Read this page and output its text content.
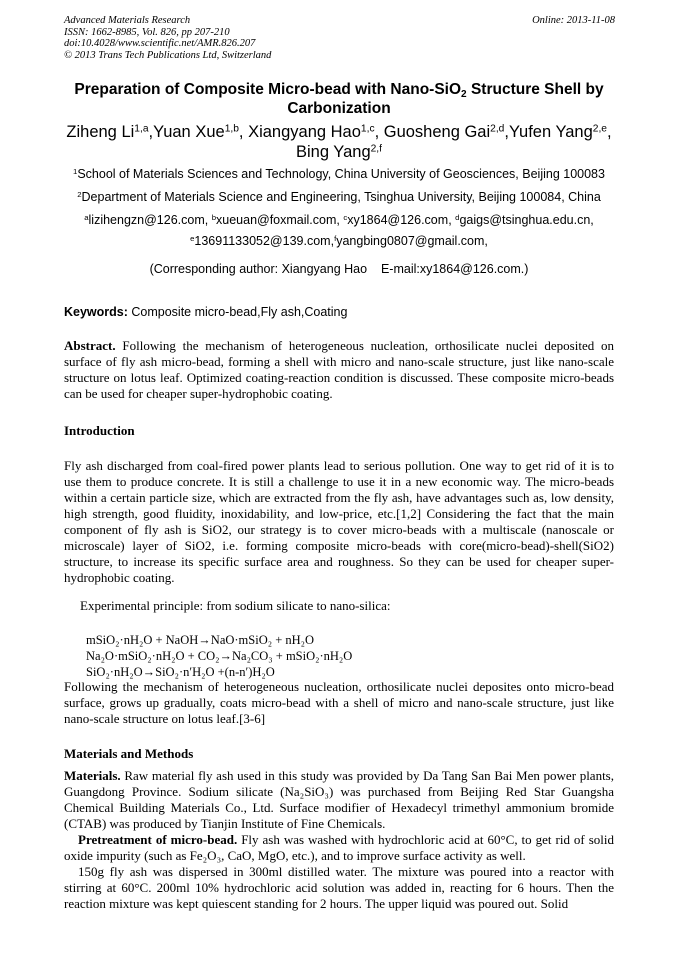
Advanced Materials Research
ISSN: 1662-8985, Vol. 826, pp 207-210
doi:10.4028/www.scientific.net/AMR.826.207
© 2013 Trans Tech Publications Ltd, Switzerland
Online: 2013-11-08
Preparation of Composite Micro-bead with Nano-SiO$_2$ Structure Shell by Carbonization
Ziheng Li$^{1,a}$,Yuan Xue$^{1,b}$, Xiangyang Hao$^{1,c}$, Guosheng Gai$^{2,d}$,Yufen Yang$^{2,e}$,
Bing Yang$^{2,f}$
$^1$School of Materials Sciences and Technology, China University of Geosciences, Beijing 100083
$^2$Department of Materials Science and Engineering, Tsinghua University, Beijing 100084, China
$^a$lizihengzn@126.com, $^b$xueuan@foxmail.com, $^c$xy1864@126.com, $^d$gaigs@tsinghua.edu.cn,
$^e$13691133052@139.com,$^f$yangbing0807@gmail.com,
(Corresponding author: Xiangyang Hao    E-mail:xy1864@126.com.)
Keywords: Composite micro-bead,Fly ash,Coating
Abstract. Following the mechanism of heterogeneous nucleation, orthosilicate nuclei deposited on surface of fly ash micro-bead, forming a shell with micro and nano-scale structure, just like nano-scale structure on lotus leaf. Optimized coating-reaction condition is discussed. These composite micro-beads can be used for cheaper super-hydrophobic coating.
Introduction
Fly ash discharged from coal-fired power plants lead to serious pollution. One way to get rid of it is to use them to produce concrete. It is still a challenge to use it in a new economic way. The micro-beads within a certain particle size, which are extracted from the fly ash, have advantages such as, low density, high strength, good fluidity, inoxidability, and low-price, etc.[1,2] Considering the fact that the main component of fly ash is SiO2, our strategy is to cover micro-beads with a multiscale (nanoscale or microscale) layer of SiO2, i.e. forming composite micro-beads with core(micro-bead)-shell(SiO2) structure, to increase its specific surface area and roughness. So they can be used for cheaper super-hydrophobic coating.
Experimental principle: from sodium silicate to nano-silica:
mSiO₂·nH₂O + NaOH→NaO·mSiO₂ + nH₂O
Na₂O·mSiO₂·nH₂O + CO₂→Na₂CO₃ + mSiO₂·nH₂O
SiO₂·nH₂O→SiO₂·n′H₂O +(n-n′)H₂O
Following the mechanism of heterogeneous nucleation, orthosilicate nuclei deposites onto micro-bead surface, grows up gradually, coats micro-bead with a shell of micro and nano-scale structure, just like nano-scale structure on lotus leaf.[3-6]
Materials and Methods
Materials. Raw material fly ash used in this study was provided by Da Tang San Bai Men power plants, Guangdong Province. Sodium silicate (Na₂SiO₃) was purchased from Beijing Red Star Guangsha Chemical Building Materials Co., Ltd. Surface modifier of Hexadecyl trimethyl ammonium bromide (CTAB) was produced by Tianjin Institute of Fine Chemicals.
Pretreatment of micro-bead. Fly ash was washed with hydrochloric acid at 60°C, to get rid of solid oxide impurity (such as Fe₂O₃, CaO, MgO, etc.), and to improve surface activity as well.
150g fly ash was dispersed in 300ml distilled water. The mixture was poured into a reactor with stirring at 60°C. 200ml 10% hydrochloric acid solution was added in, reacting for 6 hours. Then the reaction mixture was kept quiescent standing for 2 hours. The upper liquid was poured out. Solid
